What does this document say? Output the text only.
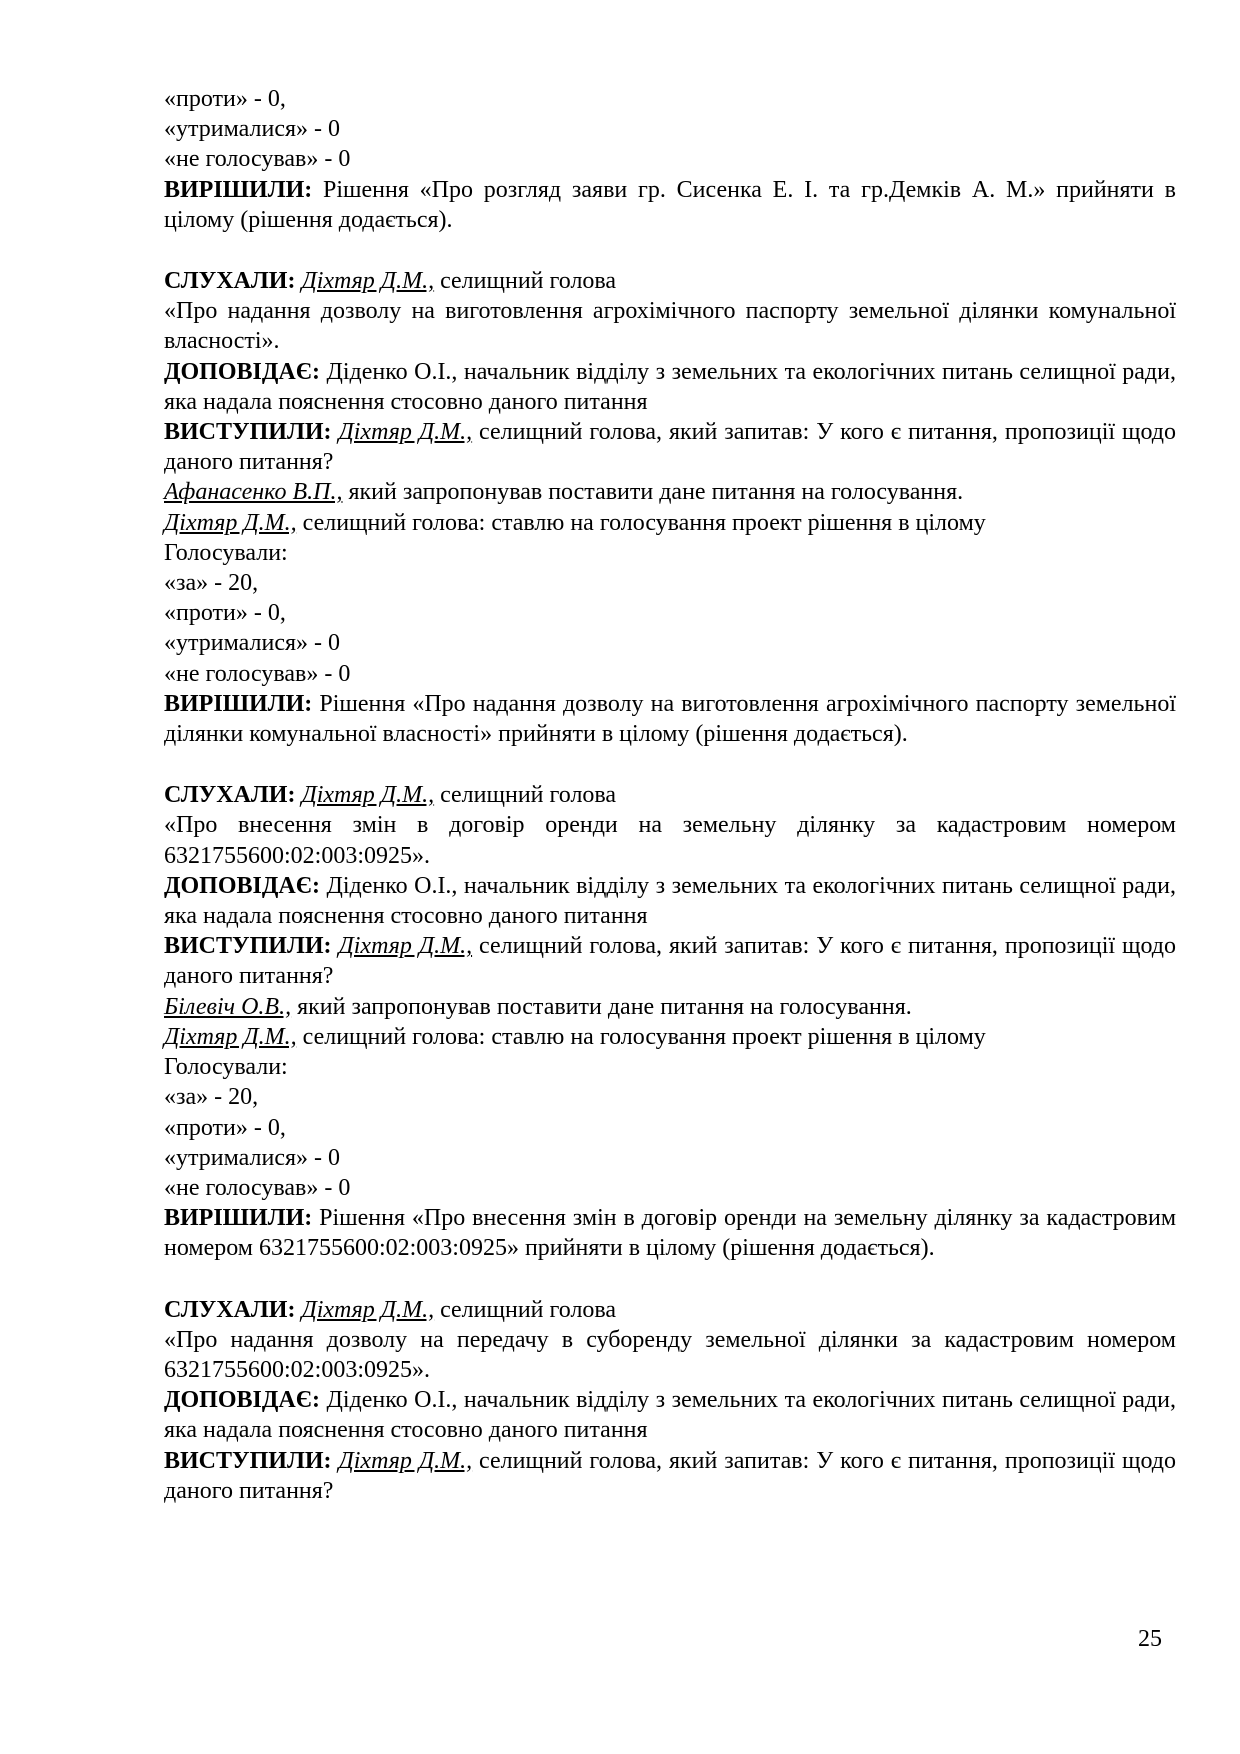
«проти» - 0,
«утрималися» - 0
«не голосував» - 0
ВИРІШИЛИ: Рішення «Про розгляд заяви гр. Сисенка Е. І. та гр.Демків А. М.» прийняти в цілому (рішення додається).
СЛУХАЛИ: Діхтяр Д.М., селищний голова
«Про надання дозволу на виготовлення агрохімічного паспорту земельної ділянки комунальної власності».
ДОПОВІДАЄ: Діденко О.І., начальник відділу з земельних та екологічних питань селищної ради, яка надала пояснення стосовно даного питання
ВИСТУПИЛИ: Діхтяр Д.М., селищний голова, який запитав: У кого є питання, пропозиції щодо даного питання?
Афанасенко В.П., який запропонував поставити дане питання на голосування.
Діхтяр Д.М., селищний голова: ставлю на голосування проект рішення в цілому
Голосували:
«за» - 20,
«проти» - 0,
«утрималися» - 0
«не голосував» - 0
ВИРІШИЛИ: Рішення «Про надання дозволу на виготовлення агрохімічного паспорту земельної ділянки комунальної власності» прийняти в цілому (рішення додається).
СЛУХАЛИ: Діхтяр Д.М., селищний голова
«Про внесення змін в договір оренди на земельну ділянку за кадастровим номером 6321755600:02:003:0925».
ДОПОВІДАЄ: Діденко О.І., начальник відділу з земельних та екологічних питань селищної ради, яка надала пояснення стосовно даного питання
ВИСТУПИЛИ: Діхтяр Д.М., селищний голова, який запитав: У кого є питання, пропозиції щодо даного питання?
Білевіч О.В., який запропонував поставити дане питання на голосування.
Діхтяр Д.М., селищний голова: ставлю на голосування проект рішення в цілому
Голосували:
«за» - 20,
«проти» - 0,
«утрималися» - 0
«не голосував» - 0
ВИРІШИЛИ: Рішення «Про внесення змін в договір оренди на земельну ділянку за кадастровим номером 6321755600:02:003:0925» прийняти в цілому (рішення додається).
СЛУХАЛИ: Діхтяр Д.М., селищний голова
«Про надання дозволу на передачу в суборенду земельної ділянки за кадастровим номером 6321755600:02:003:0925».
ДОПОВІДАЄ: Діденко О.І., начальник відділу з земельних та екологічних питань селищної ради, яка надала пояснення стосовно даного питання
ВИСТУПИЛИ: Діхтяр Д.М., селищний голова, який запитав: У кого є питання, пропозиції щодо даного питання?
25
